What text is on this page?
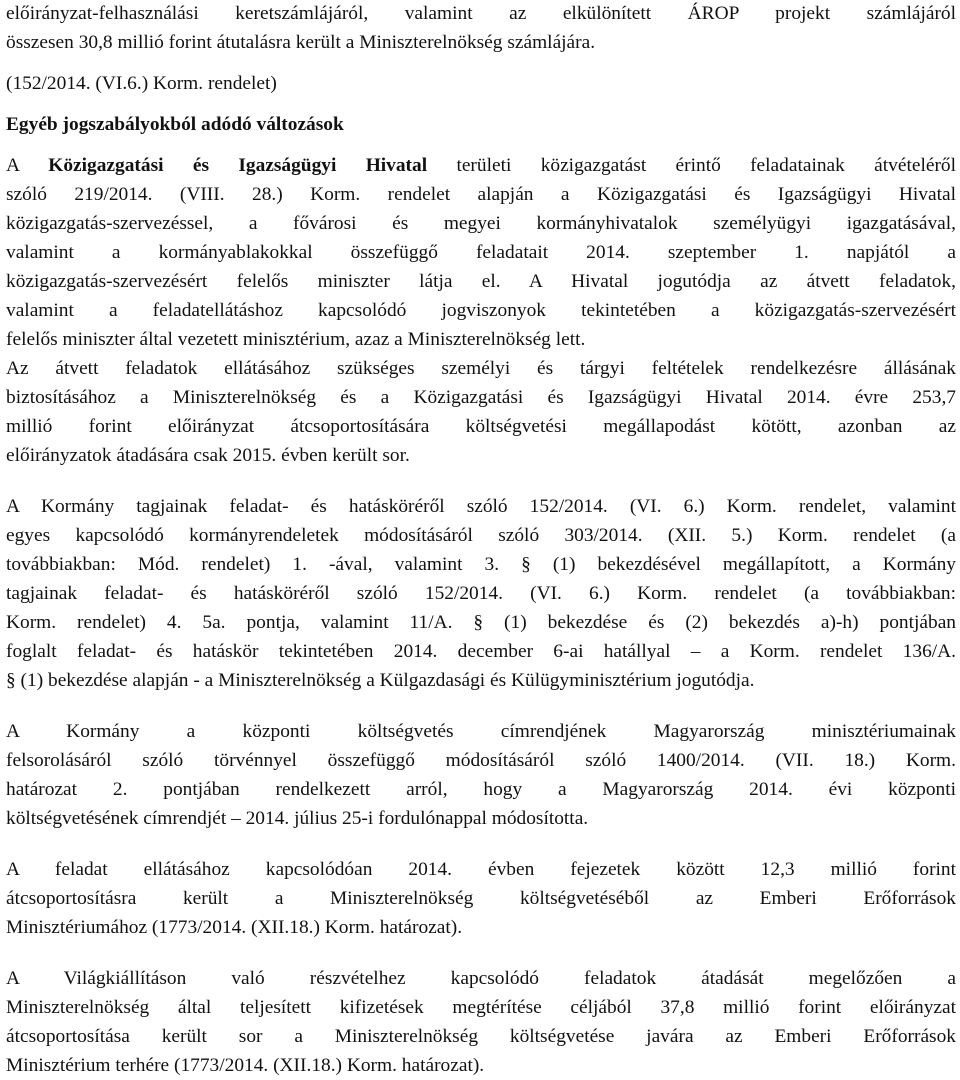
előirányzat-felhasználási keretszámlájáról, valamint az elkülönített ÁROP projekt számlájáról
összesen 30,8 millió forint átutalásra került a Miniszterelnökség számlájára.
(152/2014. (VI.6.) Korm. rendelet)
Egyéb jogszabályokból adódó változások
A Közigazgatási és Igazságügyi Hivatal területi közigazgatást érintő feladatainak átvételéről
szóló 219/2014. (VIII. 28.) Korm. rendelet alapján a Közigazgatási és Igazságügyi Hivatal
közigazgatás-szervezéssel, a fővárosi és megyei kormányhivatalok személyügyi igazgatásával,
valamint a kormányablakokkal összefüggő feladatait 2014. szeptember 1. napjától a
közigazgatás-szervezésért felelős miniszter látja el. A Hivatal jogutódja az átvett feladatok,
valamint a feladatellátáshoz kapcsolódó jogviszonyok tekintetében a közigazgatás-szervezésért
felelős miniszter által vezetett minisztérium, azaz a Miniszterelnökség lett.
Az átvett feladatok ellátásához szükséges személyi és tárgyi feltételek rendelkezésre állásának
biztosításához a Miniszterelnökség és a Közigazgatási és Igazságügyi Hivatal 2014. évre 253,7
millió forint előirányzat átcsoportosítására költségvetési megállapodást kötött, azonban az
előirányzatok átadására csak 2015. évben került sor.
A Kormány tagjainak feladat- és hatásköréről szóló 152/2014. (VI. 6.) Korm. rendelet, valamint
egyes kapcsolódó kormányrendeletek módosításáról szóló 303/2014. (XII. 5.) Korm. rendelet (a
továbbiakban: Mód. rendelet) 1. -ával, valamint 3. § (1) bekezdésével megállapított, a Kormány
tagjainak feladat- és hatásköréről szóló 152/2014. (VI. 6.) Korm. rendelet (a továbbiakban:
Korm. rendelet) 4. 5a. pontja, valamint 11/A. § (1) bekezdése és (2) bekezdés a)-h) pontjában
foglalt feladat- és hatáskör tekintetében 2014. december 6-ai hatállyal – a Korm. rendelet 136/A.
§ (1) bekezdése alapján - a Miniszterelnökség a Külgazdasági és Külügyminisztérium jogutódja.
A Kormány a központi költségvetés címrendjének Magyarország minisztériumainak
felsorolásáról szóló törvénnyel összefüggő módosításáról szóló 1400/2014. (VII. 18.) Korm.
határozat 2. pontjában rendelkezett arról, hogy a Magyarország 2014. évi központi
költségvetésének címrendjét – 2014. július 25-i fordulónappal módosította.
A feladat ellátásához kapcsolódóan 2014. évben fejezetek között 12,3 millió forint
átcsoportosításra került a Miniszterelnökség költségvetéséből az Emberi Erőforrások
Minisztériumához (1773/2014. (XII.18.) Korm. határozat).
A Világkiállításon való részvételhez kapcsolódó feladatok átadását megelőzően a
Miniszterelnökség által teljesített kifizetések megtérítése céljából 37,8 millió forint előirányzat
átcsoportosítása került sor a Miniszterelnökség költségvetése javára az Emberi Erőforrások
Minisztérium terhére (1773/2014. (XII.18.) Korm. határozat).
